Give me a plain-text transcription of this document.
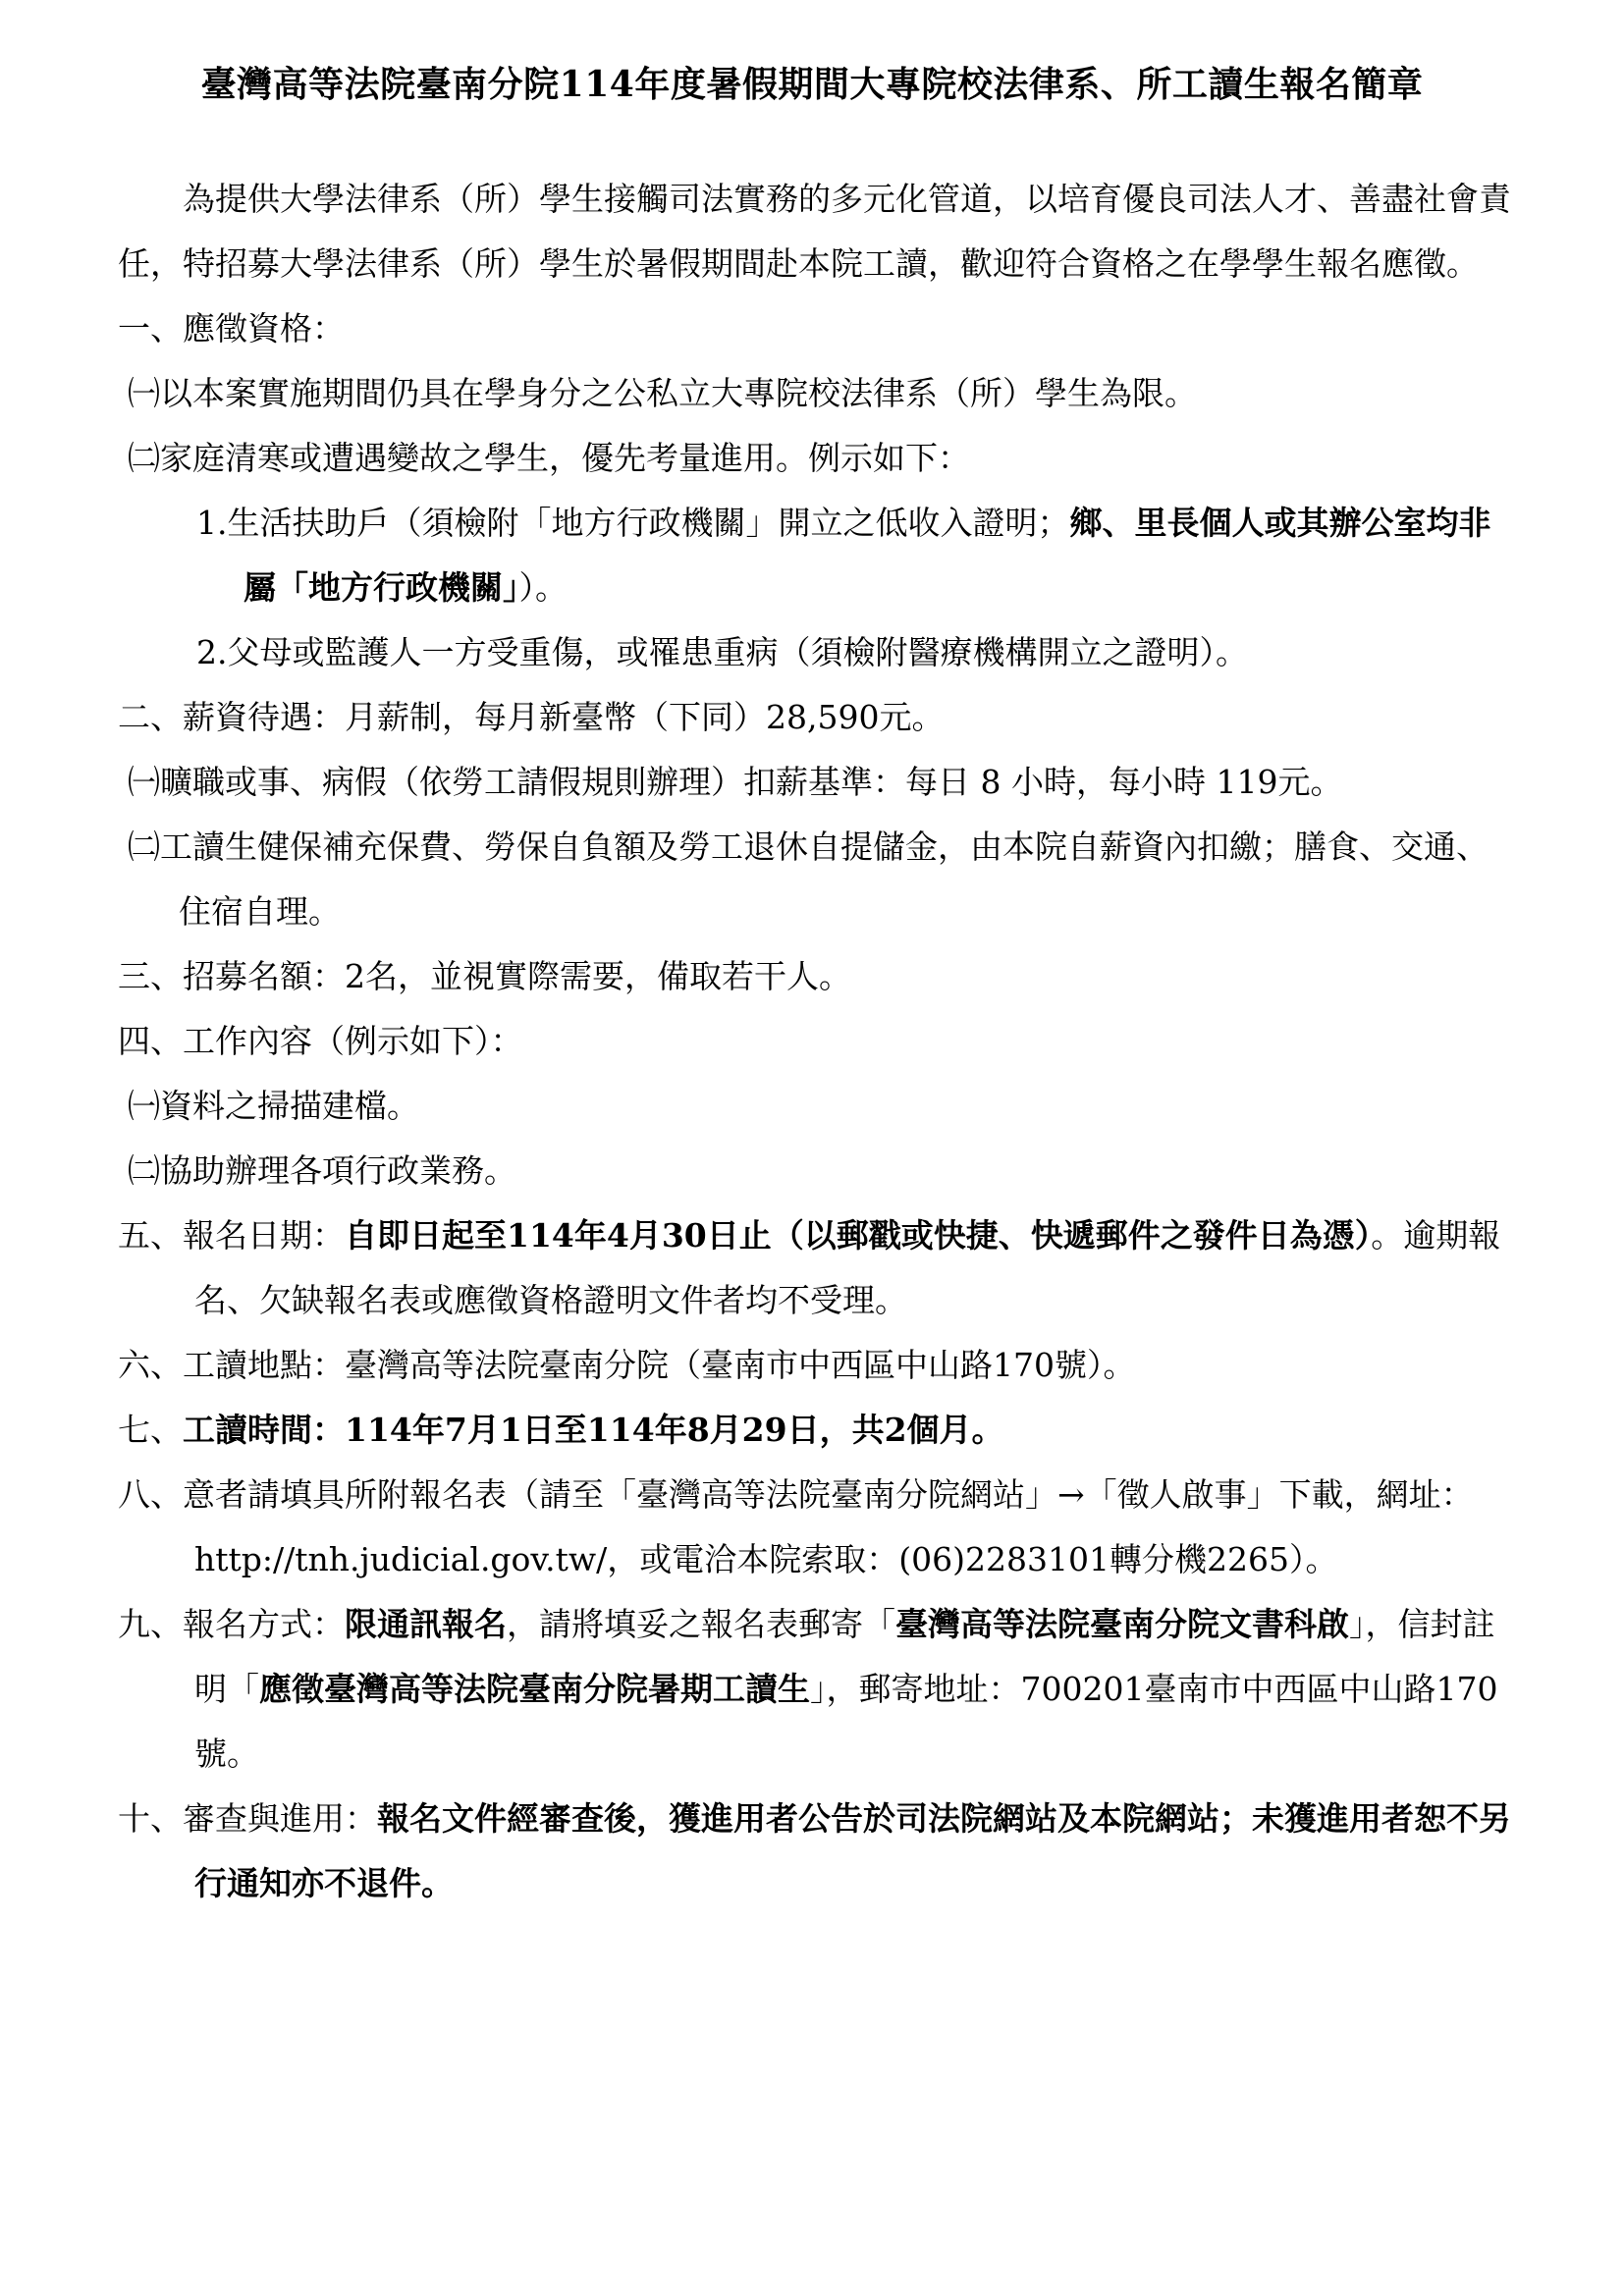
臺灣高等法院臺南分院114年度暑假期間大專院校法律系、所工讀生報名簡章
為提供大學法律系（所）學生接觸司法實務的多元化管道，以培育優良司法人才、善盡社會責任，特招募大學法律系（所）學生於暑假期間赴本院工讀，歡迎符合資格之在學學生報名應徵。
一、應徵資格：
㈠以本案實施期間仍具在學身分之公私立大專院校法律系（所）學生為限。
㈡家庭清寒或遭遇變故之學生，優先考量進用。例示如下：
1.生活扶助戶（須檢附「地方行政機關」開立之低收入證明；鄉、里長個人或其辦公室均非屬「地方行政機關」）。
2.父母或監護人一方受重傷，或罹患重病（須檢附醫療機構開立之證明）。
二、薪資待遇：月薪制，每月新臺幣（下同）28,590元。
㈠曠職或事、病假（依勞工請假規則辦理）扣薪基準：每日 8 小時，每小時 119元。
㈡工讀生健保補充保費、勞保自負額及勞工退休自提儲金，由本院自薪資內扣繳；膳食、交通、住宿自理。
三、招募名額：2名，並視實際需要，備取若干人。
四、工作內容（例示如下）：
㈠資料之掃描建檔。
㈡協助辦理各項行政業務。
五、報名日期：自即日起至114年4月30日止（以郵戳或快捷、快遞郵件之發件日為憑）。逾期報名、欠缺報名表或應徵資格證明文件者均不受理。
六、工讀地點：臺灣高等法院臺南分院（臺南市中西區中山路170號）。
七、工讀時間：114年7月1日至114年8月29日，共2個月。
八、意者請填具所附報名表（請至「臺灣高等法院臺南分院網站」→「徵人啟事」下載，網址：http://tnh.judicial.gov.tw/，或電洽本院索取：(06)2283101轉分機2265）。
九、報名方式：限通訊報名，請將填妥之報名表郵寄「臺灣高等法院臺南分院文書科啟」，信封註明「應徵臺灣高等法院臺南分院暑期工讀生」，郵寄地址：700201臺南市中西區中山路170號。
十、審查與進用：報名文件經審查後，獲進用者公告於司法院網站及本院網站；未獲進用者恕不另行通知亦不退件。
